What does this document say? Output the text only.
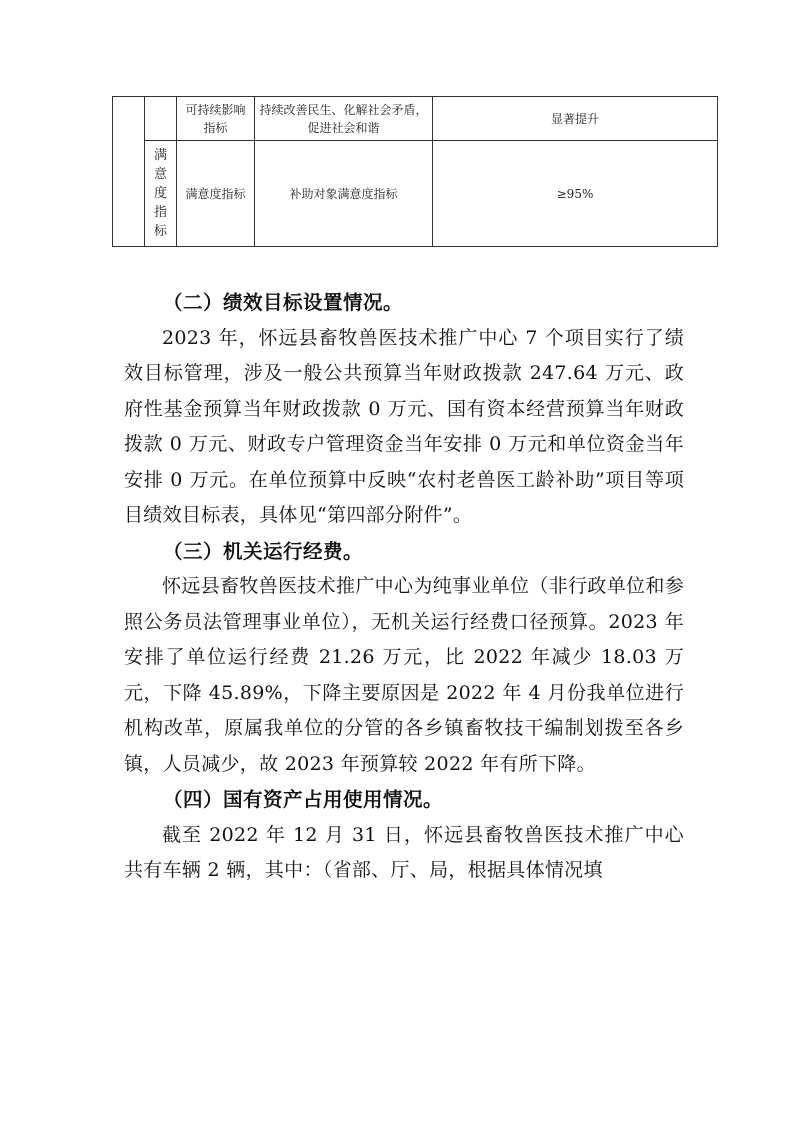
		可持续影响指标	持续改善民生、化解社会矛盾，促进社会和谐	显著提升

	满意度指标	满意度指标	补助对象满意度指标	≥95%
（二）绩效目标设置情况。

2023 年，怀远县畜牧兽医技术推广中心 7 个项目实行了绩效目标管理，涉及一般公共预算当年财政拨款 247.64 万元、政府性基金预算当年财政拨款 0 万元、国有资本经营预算当年财政拨款 0 万元、财政专户管理资金当年安排 0 万元和单位资金当年安排 0 万元。在单位预算中反映“农村老兽医工龄补助”项目等项目绩效目标表，具体见“第四部分附件”。

（三）机关运行经费。

怀远县畜牧兽医技术推广中心为纯事业单位（非行政单位和参照公务员法管理事业单位），无机关运行经费口径预算。2023 年安排了单位运行经费 21.26 万元，比 2022 年减少 18.03 万元，下降 45.89%，下降主要原因是 2022 年 4 月份我单位进行机构改革，原属我单位的分管的各乡镇畜牧技干编制划拨至各乡镇，人员减少，故 2023 年预算较 2022 年有所下降。

（四）国有资产占用使用情况。

截至 2022 年 12 月 31 日，怀远县畜牧兽医技术推广中心共有车辆 2 辆，其中：（省部、厅、局，根据具体情况填
